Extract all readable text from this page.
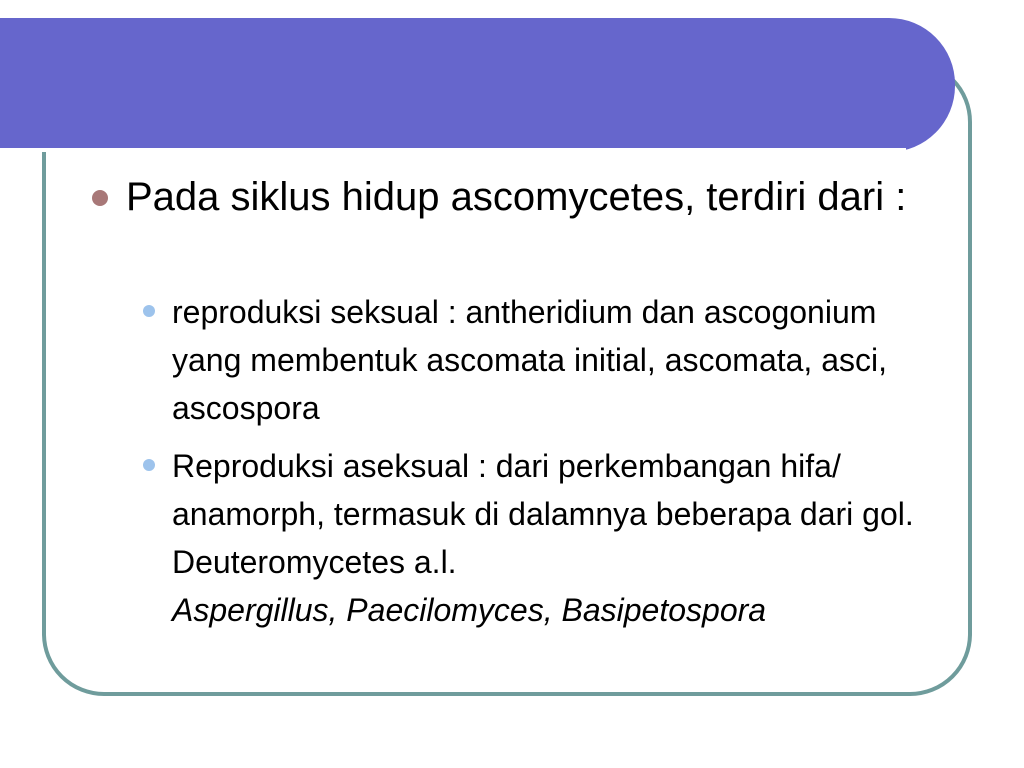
Pada siklus hidup ascomycetes, terdiri dari :
reproduksi seksual : antheridium dan ascogonium yang membentuk ascomata initial, ascomata, asci, ascospora
Reproduksi aseksual : dari perkembangan hifa/ anamorph, termasuk di dalamnya beberapa dari gol. Deuteromycetes a.l.
Aspergillus, Paecilomyces, Basipetospora
